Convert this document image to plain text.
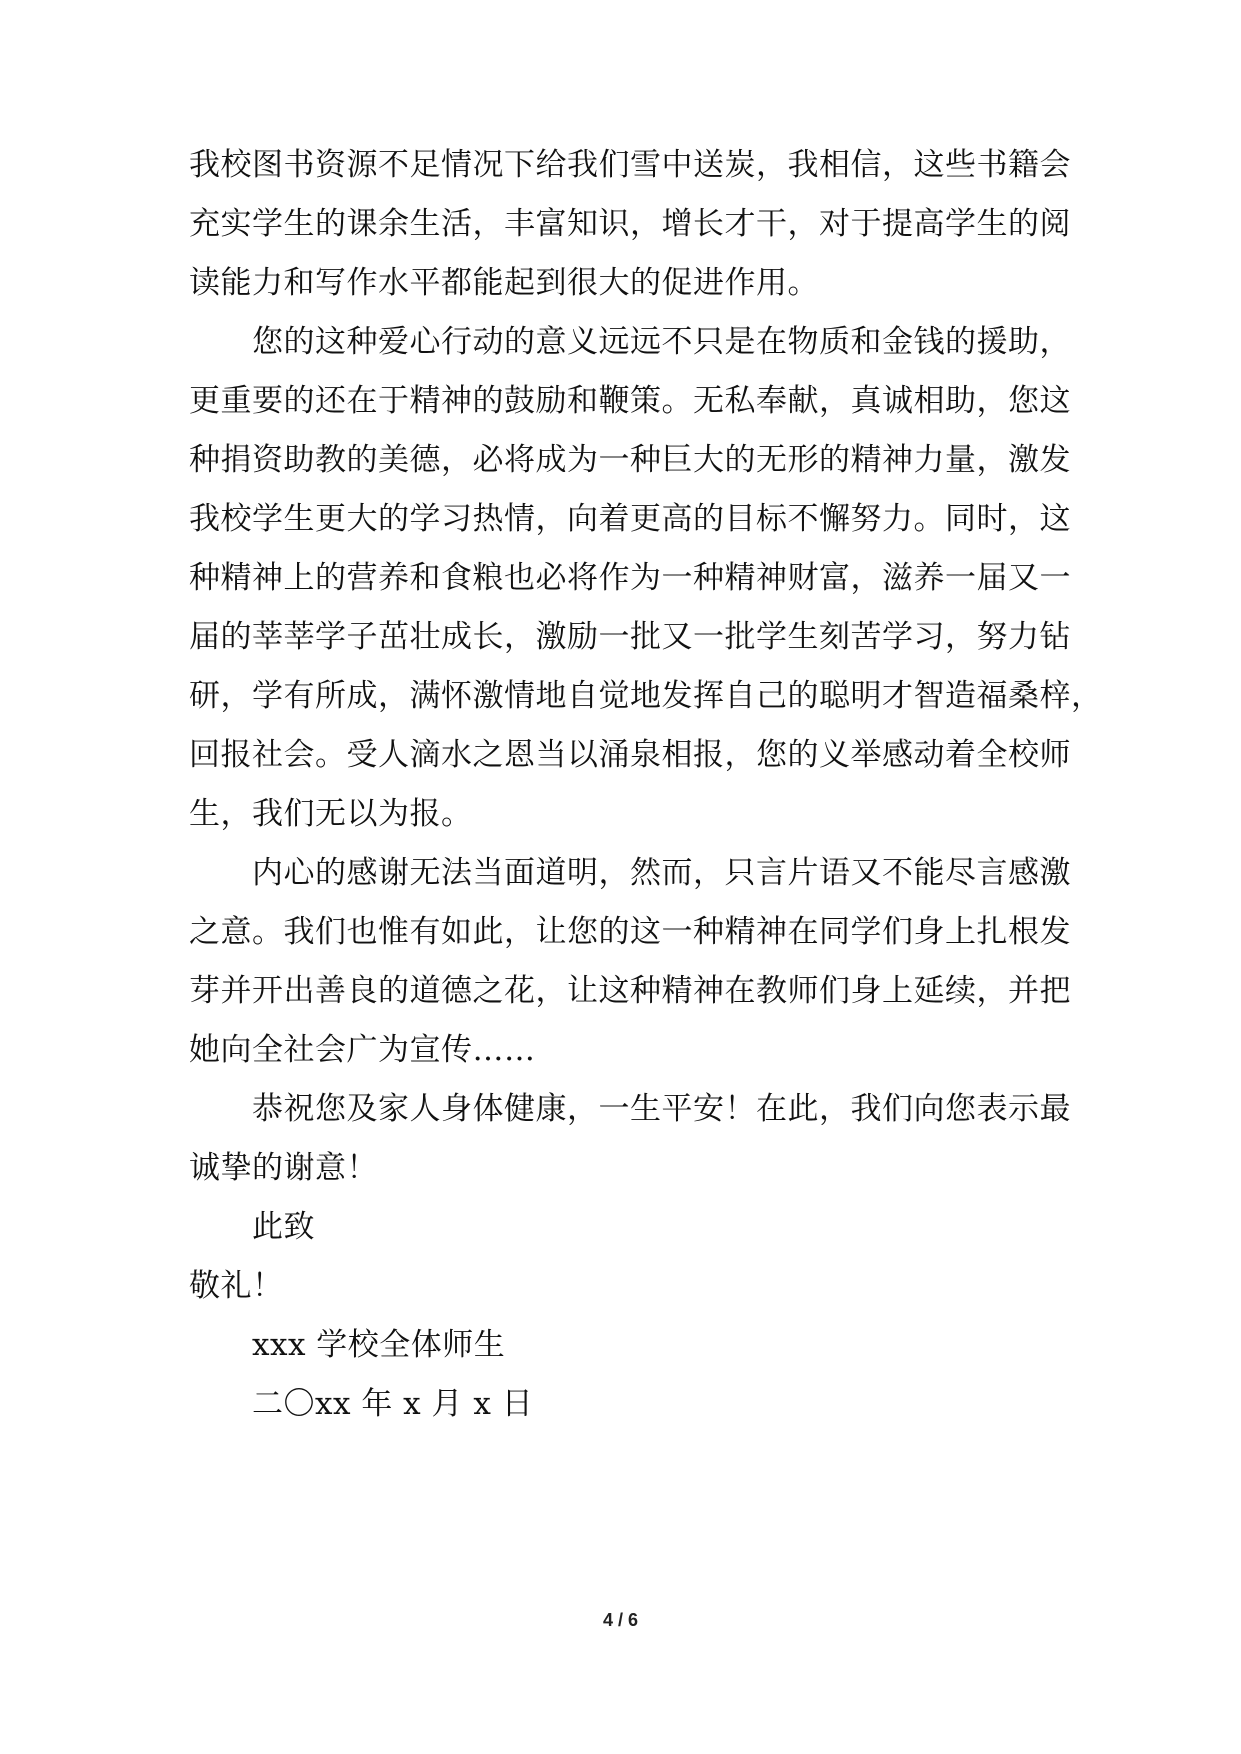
我校图书资源不足情况下给我们雪中送炭，我相信，这些书籍会
充实学生的课余生活，丰富知识，增长才干，对于提高学生的阅
读能力和写作水平都能起到很大的促进作用。
您的这种爱心行动的意义远远不只是在物质和金钱的援助，
更重要的还在于精神的鼓励和鞭策。无私奉献，真诚相助，您这
种捐资助教的美德，必将成为一种巨大的无形的精神力量，激发
我校学生更大的学习热情，向着更高的目标不懈努力。同时，这
种精神上的营养和食粮也必将作为一种精神财富，滋养一届又一
届的莘莘学子茁壮成长，激励一批又一批学生刻苦学习，努力钻
研，学有所成，满怀激情地自觉地发挥自己的聪明才智造福桑梓，
回报社会。受人滴水之恩当以涌泉相报，您的义举感动着全校师
生，我们无以为报。
内心的感谢无法当面道明，然而，只言片语又不能尽言感激
之意。我们也惟有如此，让您的这一种精神在同学们身上扎根发
芽并开出善良的道德之花，让这种精神在教师们身上延续，并把
她向全社会广为宣传……
恭祝您及家人身体健康，一生平安！在此，我们向您表示最
诚挚的谢意！
此致
敬礼！
xxx 学校全体师生
二〇xx 年 x 月 x 日
4 / 6
